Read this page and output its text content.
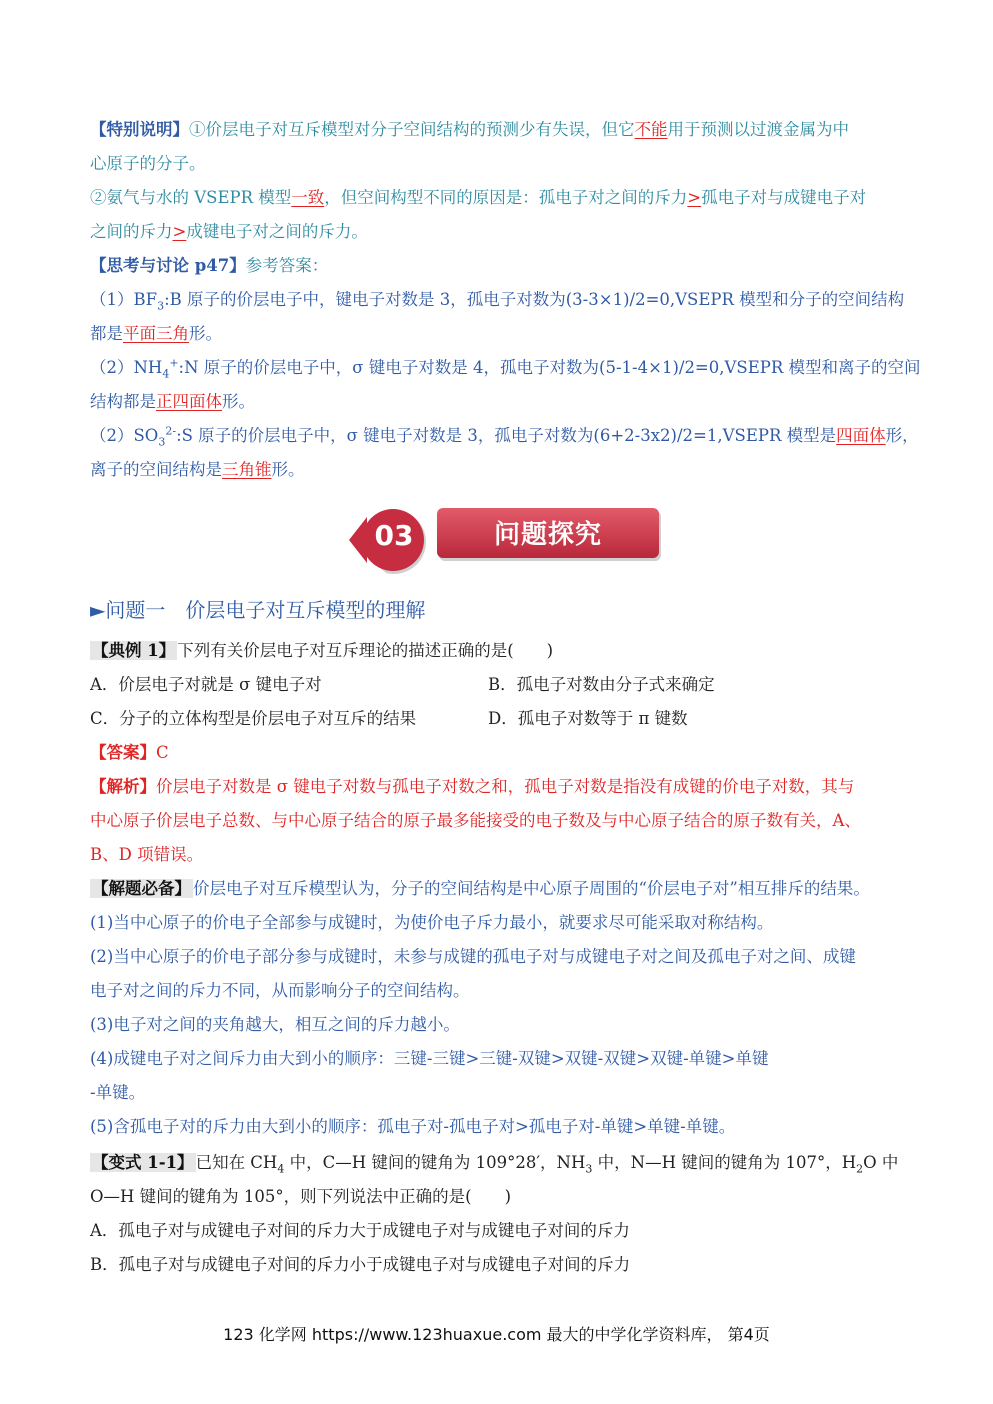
【特别说明】①价层电子对互斥模型对分子空间结构的预测少有失误，但它不能用于预测以过渡金属为中
心原子的分子。
②氨气与水的 VSEPR 模型一致，但空间构型不同的原因是：孤电子对之间的斥力>孤电子对与成键电子对
之间的斥力>成键电子对之间的斥力。
【思考与讨论 p47】参考答案：
$(1)BF_3:B$ 原子的价层电子中，键电子对数是 3，孤电子对数为(3-3×1)/2=0,VSEPR 模型和分子的空间结构
都是平面三角形。
$(2)NH_4^+:N$ 原子的价层电子中，σ 键电子对数是 4，孤电子对数为(5-1-4×1)/2=0,VSEPR 模型和离子的空间
结构都是正四面体形。
$(2)SO_3^{2-}:S$ 原子的价层电子中，σ 键电子对数是 3，孤电子对数为(6+2-3x2)/2=1,VSEPR 模型是四面体形，
离子的空间结构是三角锥形。
03	问题探究
►问题一　价层电子对互斥模型的理解
【典例 1】 下列有关价层电子对互斥理论的描述正确的是(　　)
A．价层电子对就是 σ 键电子对	B．孤电子对数由分子式来确定
C．分子的立体构型是价层电子对互斥的结果	D．孤电子对数等于 π 键数
【答案】C
【解析】价层电子对数是 σ 键电子对数与孤电子对数之和，孤电子对数是指没有成键的价电子对数，其与
中心原子价层电子总数、与中心原子结合的原子最多能接受的电子数及与中心原子结合的原子数有关，A、
B、D 项错误。
【解题必备】 价层电子对互斥模型认为，分子的空间结构是中心原子周围的“价层电子对”相互排斥的结果。
(1)当中心原子的价电子全部参与成键时，为使价电子斥力最小，就要求尽可能采取对称结构。
(2)当中心原子的价电子部分参与成键时，未参与成键的孤电子对与成键电子对之间及孤电子对之间、成键
电子对之间的斥力不同，从而影响分子的空间结构。
(3)电子对之间的夹角越大，相互之间的斥力越小。
(4)成键电子对之间斥力由大到小的顺序：三键-三键>三键-双键>双键-双键>双键-单键>单键
-单键。
(5)含孤电子对的斥力由大到小的顺序：孤电子对-孤电子对>孤电子对-单键>单键-单键。
【变式 1-1】 已知在 $CH_4$ 中，C—H 键间的键角为 109°28′，$NH_3$ 中，N—H 键间的键角为 107°，$H_2O$ 中
O—H 键间的键角为 105°，则下列说法中正确的是(　　)
A．孤电子对与成键电子对间的斥力大于成键电子对与成键电子对间的斥力
B．孤电子对与成键电子对间的斥力小于成键电子对与成键电子对间的斥力
123 化学网 https://www.123huaxue.com 最大的中学化学资料库， 第4页
